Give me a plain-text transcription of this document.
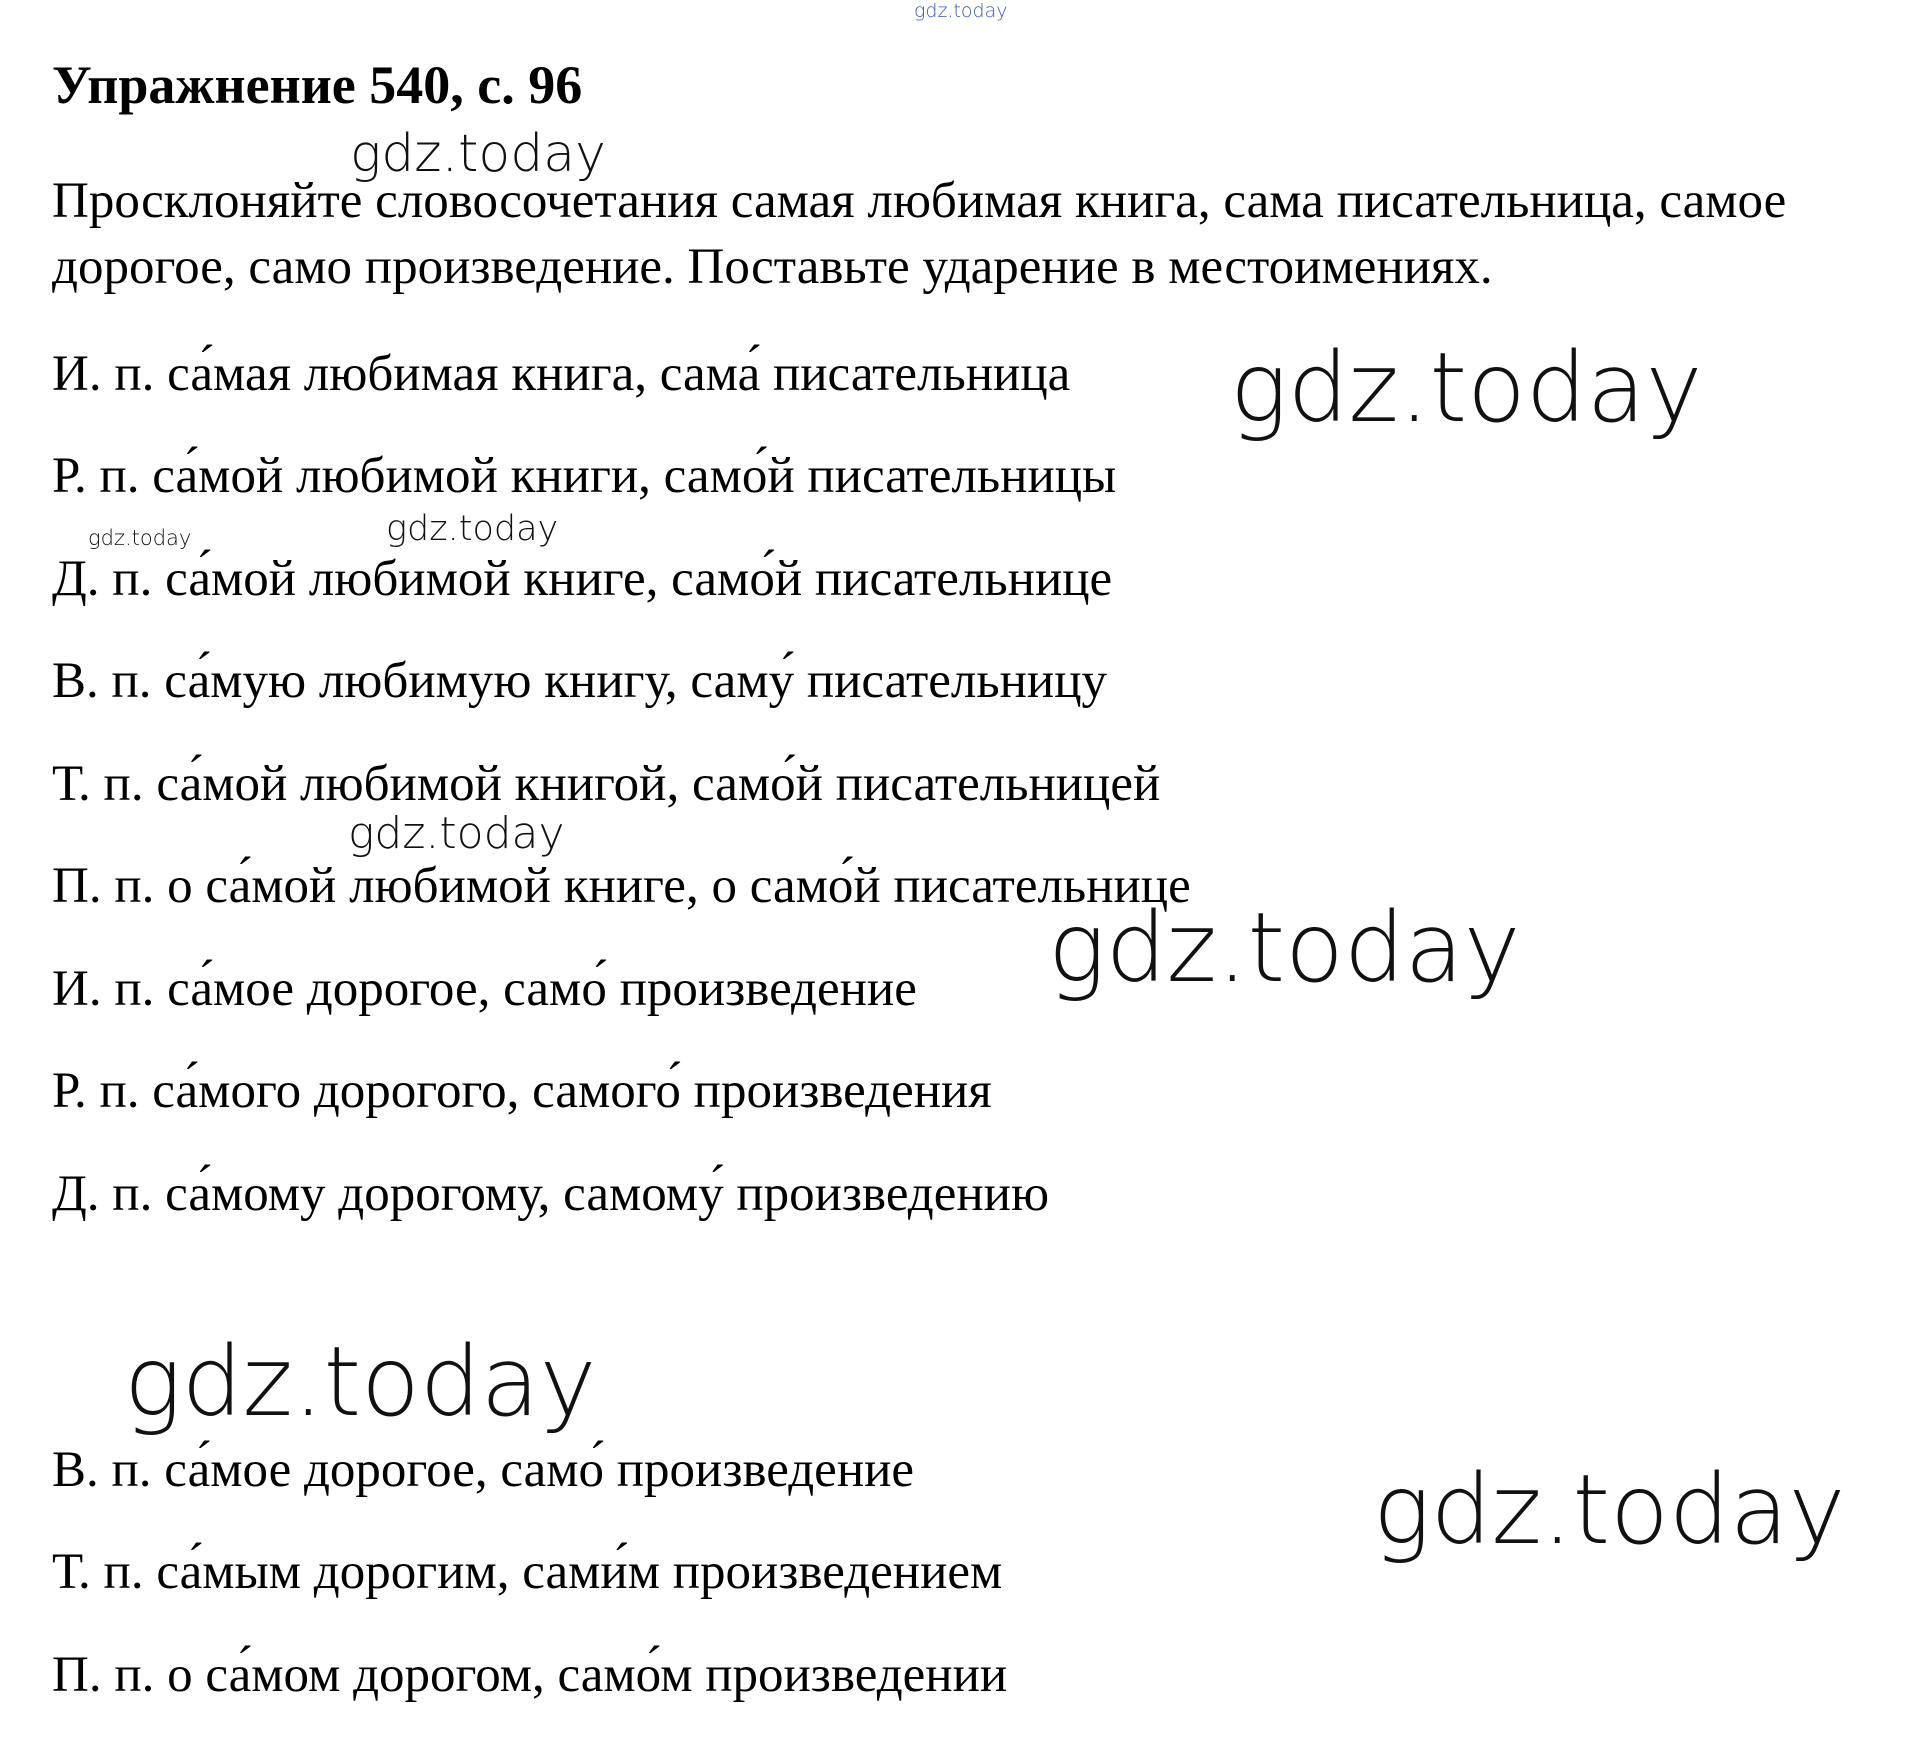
gdz.today
Упражнение 540, с. 96

Просклоняйте словосочетания самая любимая книга, сама писательница, самое дорогое, само произведение. Поставьте ударение в местоимениях.

И. п. са́мая любимая книга, сама́ писательница
Р. п. са́мой любимой книги, само́й писательницы
Д. п. са́мой любимой книге, само́й писательнице
В. п. са́мую любимую книгу, саму́ писательницу
Т. п. са́мой любимой книгой, само́й писательницей
П. п. о са́мой любимой книге, о само́й писательнице
И. п. са́мое дорогое, само́ произведение
Р. п. са́мого дорогого, самого́ произведения
Д. п. са́мому дорогому, самому́ произведению
В. п. са́мое дорогое, само́ произведение
Т. п. са́мым дорогим, сами́м произведением
П. п. о са́мом дорогом, само́м произведении
gdz.today
gdz.today
gdz.today	gdz.today
gdz.today
gdz.today
gdz.today
gdz.today
